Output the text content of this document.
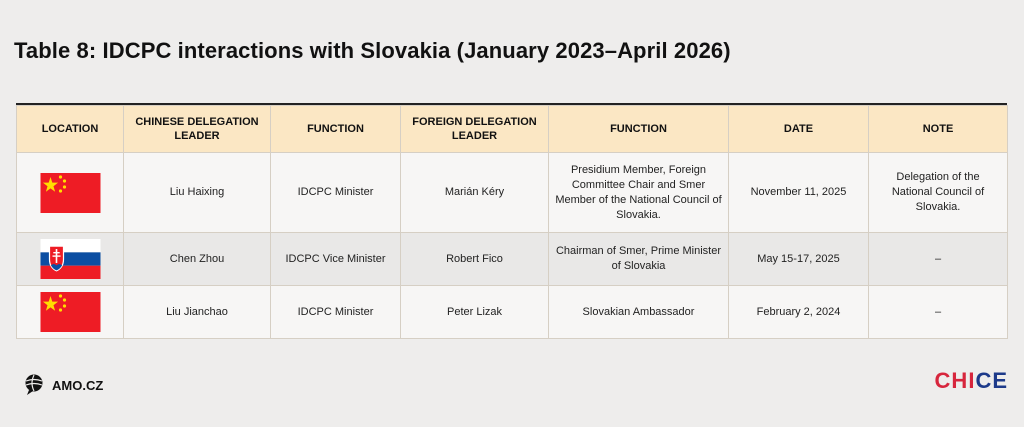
Table 8: IDCPC interactions with Slovakia (January 2023–April 2026)
LOCATION	CHINESE DELEGATION LEADER	FUNCTION	FOREIGN DELEGATION LEADER	FUNCTION	DATE	NOTE

	Liu Haixing	IDCPC Minister	Marián Kéry	Presidium Member, Foreign Committee Chair and Smer Member of the National Council of Slovakia.	November 11, 2025	Delegation of the National Council of Slovakia.

	Chen Zhou	IDCPC Vice Minister	Robert Fico	Chairman of Smer, Prime Minister of Slovakia	May 15-17, 2025	–

	Liu Jianchao	IDCPC Minister	Peter Lizak	Slovakian Ambassador	February 2, 2024	–
AMO.CZ	CHICE
